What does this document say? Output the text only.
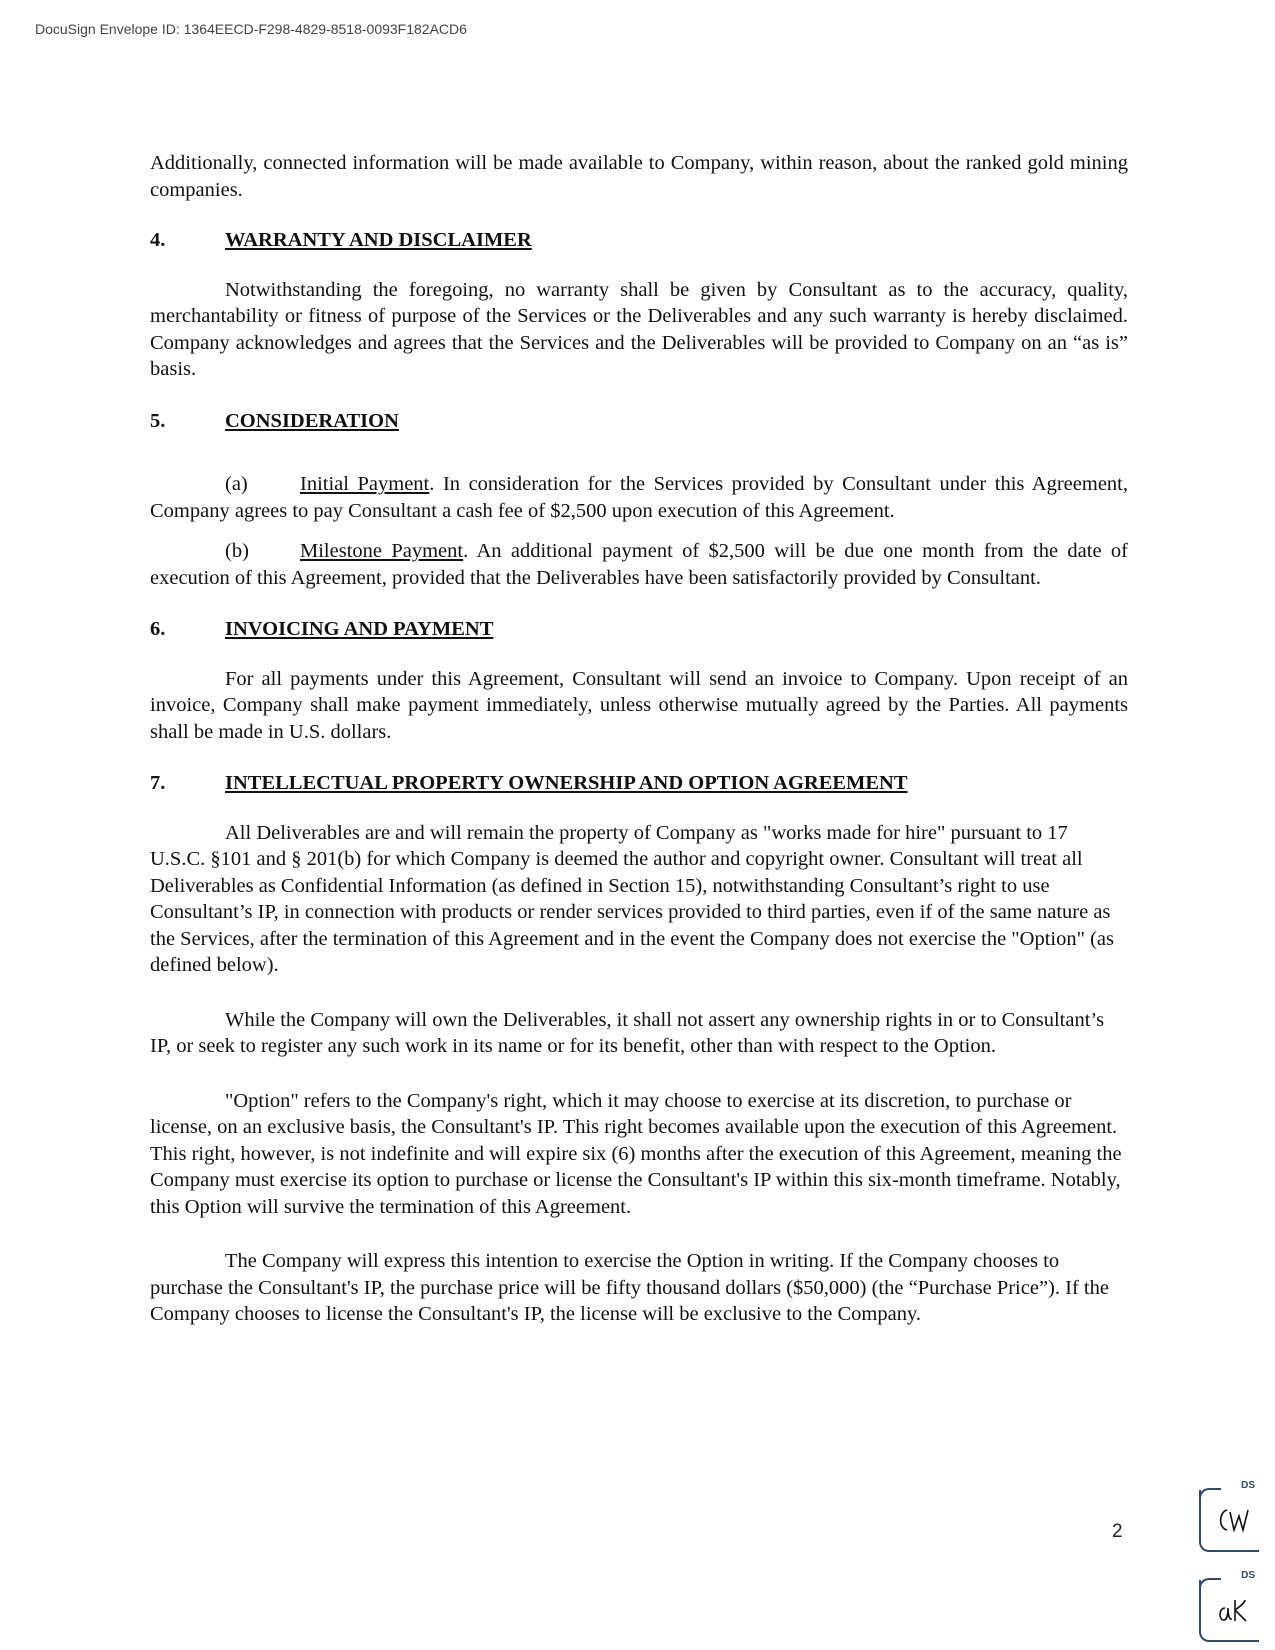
DocuSign Envelope ID: 1364EECD-F298-4829-8518-0093F182ACD6

Additionally, connected information will be made available to Company, within reason, about the ranked gold mining companies.

4.	WARRANTY AND DISCLAIMER

Notwithstanding the foregoing, no warranty shall be given by Consultant as to the accuracy, quality, merchantability or fitness of purpose of the Services or the Deliverables and any such warranty is hereby disclaimed. Company acknowledges and agrees that the Services and the Deliverables will be provided to Company on an “as is” basis.

5.	CONSIDERATION

(a)	Initial Payment. In consideration for the Services provided by Consultant under this Agreement, Company agrees to pay Consultant a cash fee of $2,500 upon execution of this Agreement.

(b) Milestone Payment. An additional payment of $2,500 will be due one month from the date of execution of this Agreement, provided that the Deliverables have been satisfactorily provided by Consultant.

6.	INVOICING AND PAYMENT

For all payments under this Agreement, Consultant will send an invoice to Company. Upon receipt of an invoice, Company shall make payment immediately, unless otherwise mutually agreed by the Parties. All payments shall be made in U.S. dollars.

7.	INTELLECTUAL PROPERTY OWNERSHIP AND OPTION AGREEMENT

All Deliverables are and will remain the property of Company as "works made for hire" pursuant to 17 U.S.C. §101 and § 201(b) for which Company is deemed the author and copyright owner. Consultant will treat all Deliverables as Confidential Information (as defined in Section 15), notwithstanding Consultant’s right to use Consultant’s IP, in connection with products or render services provided to third parties, even if of the same nature as the Services, after the termination of this Agreement and in the event the Company does not exercise the "Option" (as defined below).

While the Company will own the Deliverables, it shall not assert any ownership rights in or to Consultant’s IP, or seek to register any such work in its name or for its benefit, other than with respect to the Option.

"Option" refers to the Company's right, which it may choose to exercise at its discretion, to purchase or license, on an exclusive basis, the Consultant's IP. This right becomes available upon the execution of this Agreement. This right, however, is not indefinite and will expire six (6) months after the execution of this Agreement, meaning the Company must exercise its option to purchase or license the Consultant's IP within this six-month timeframe. Notably, this Option will survive the termination of this Agreement.

The Company will express this intention to exercise the Option in writing. If the Company chooses to purchase the Consultant's IP, the purchase price will be fifty thousand dollars ($50,000) (the “Purchase Price”). If the Company chooses to license the Consultant's IP, the license will be exclusive to the Company.

2
DS
DS
